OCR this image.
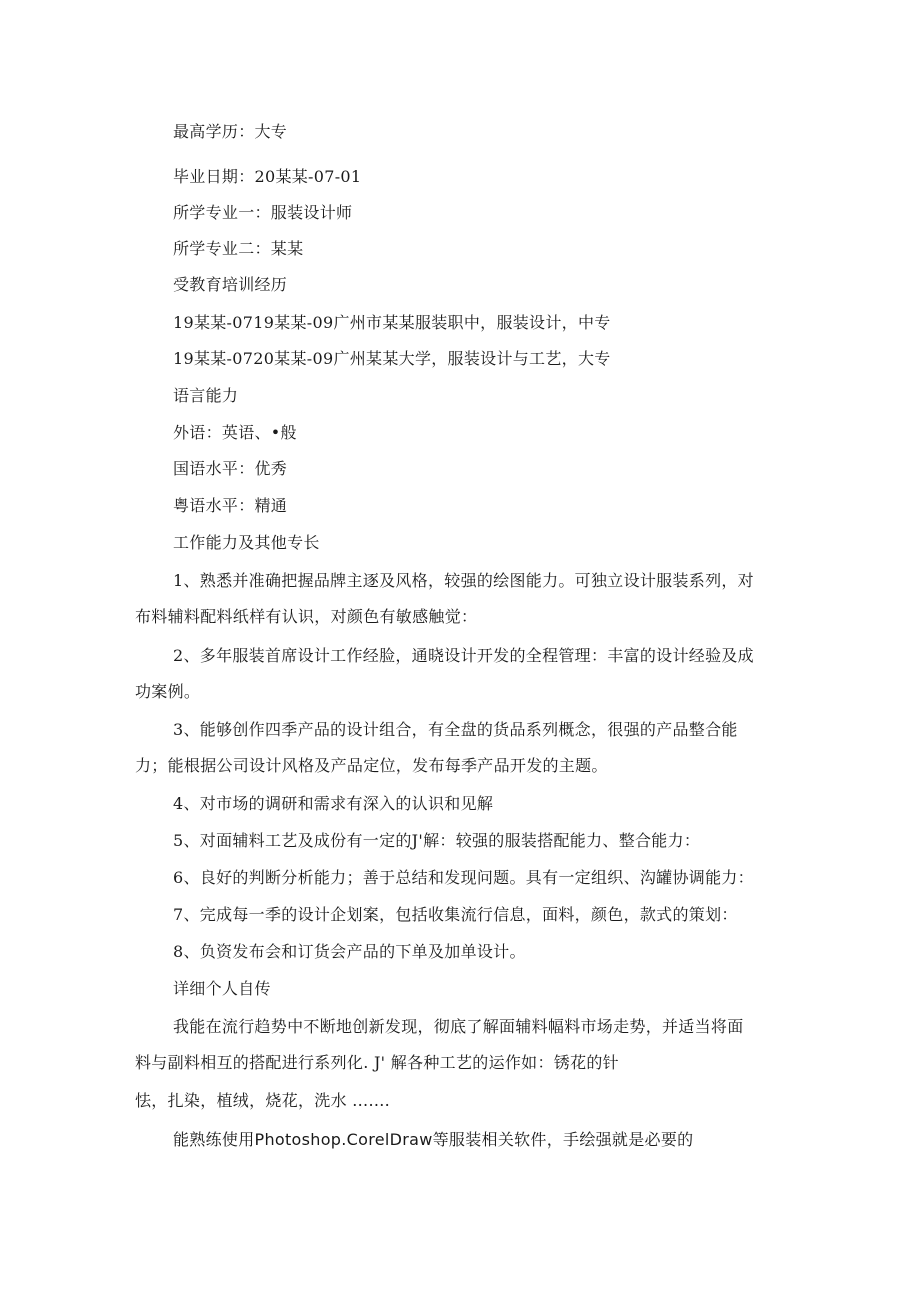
最高学历：大专
毕业日期：20某某-07-01
所学专业一：服装设计师
所学专业二：某某
受教育培训经历
19某某-0719某某-09广州市某某服装职中，服装设计，中专
19某某-0720某某-09广州某某大学，服装设计与工艺，大专
语言能力
外语：英语、•般
国语水平：优秀
粤语水平：精通
工作能力及其他专长
1、熟悉并准确把握品牌主逐及风格，较强的绘图能力。可独立设计服装系列，对
布料辅料配料纸样有认识，对颜色有敏感触觉：
2、多年服装首席设计工作经脸，通晓设计开发的全程管理：丰富的设计经验及成
功案例。
3、能够创作四季产品的设计组合，有全盘的货品系列概念，很强的产品整合能
力；能根据公司设计风格及产品定位，发布每季产品开发的主题。
4、对市场的调研和需求有深入的认识和见解
5、对面辅料工艺及成份有一定的J'解：较强的服装搭配能力、整合能力：
6、良好的判断分析能力；善于总结和发现问题。具有一定组织、沟罐协调能力：
7、完成每一季的设计企划案，包括收集流行信息，面料，颜色，款式的策划：
8、负资发布会和订货会产品的下单及加单设计。
详细个人自传
我能在流行趋势中不断地创新发现，彻底了解面辅料幅料市场走势，并适当将面
料与副料相互的搭配进行系列化. J' 解各种工艺的运作如：锈花的针
怯，扎染，植绒，烧花，洗水 .......
能熟练使用Photoshop.CorelDraw等服装相关软件，手绘强就是必要的
